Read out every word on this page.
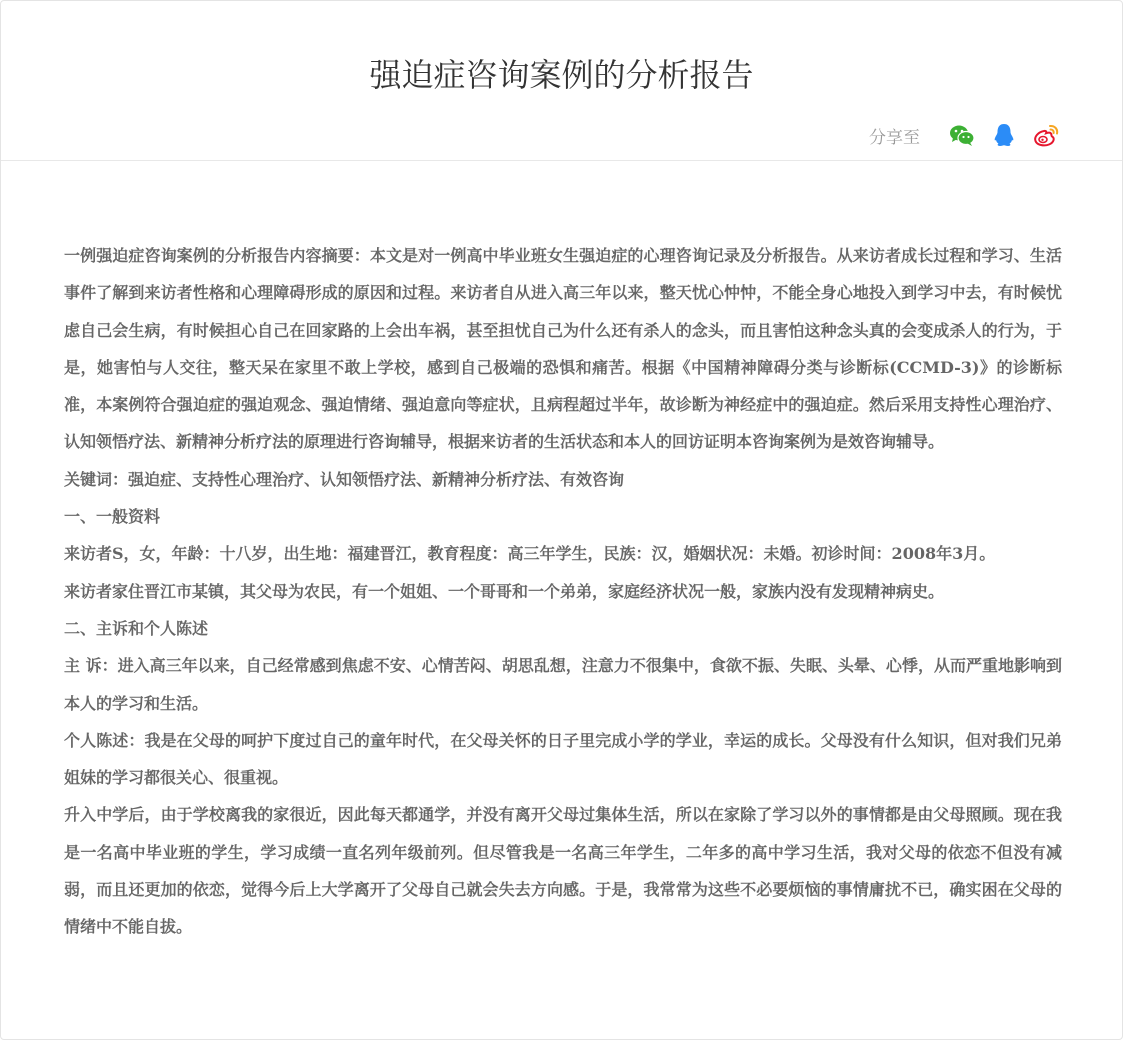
强迫症咨询案例的分析报告
分享至

一例强迫症咨询案例的分析报告内容摘要：本文是对一例高中毕业班女生强迫症的心理咨询记录及分析报告。从来访者成长过程和学习、生活事件了解到来访者性格和心理障碍形成的原因和过程。来访者自从进入高三年以来，整天忧心忡忡，不能全身心地投入到学习中去，有时候忧虑自己会生病，有时候担心自己在回家路的上会出车祸，甚至担忧自己为什么还有杀人的念头，而且害怕这种念头真的会变成杀人的行为，于是，她害怕与人交往，整天呆在家里不敢上学校，感到自己极端的恐惧和痛苦。根据《中国精神障碍分类与诊断标(CCMD-3)》的诊断标准，本案例符合强迫症的强迫观念、强迫情绪、强迫意向等症状，且病程超过半年，故诊断为神经症中的强迫症。然后采用支持性心理治疗、认知领悟疗法、新精神分析疗法的原理进行咨询辅导，根据来访者的生活状态和本人的回访证明本咨询案例为是效咨询辅导。

关键词：强迫症、支持性心理治疗、认知领悟疗法、新精神分析疗法、有效咨询

一、一般资料

来访者S，女，年龄：十八岁，出生地：福建晋江，教育程度：高三年学生，民族：汉，婚姻状况：未婚。初诊时间：2008年3月。

来访者家住晋江市某镇，其父母为农民，有一个姐姐、一个哥哥和一个弟弟，家庭经济状况一般，家族内没有发现精神病史。

二、主诉和个人陈述

主 诉：进入高三年以来，自己经常感到焦虑不安、心情苦闷、胡思乱想，注意力不很集中，食欲不振、失眠、头晕、心悸，从而严重地影响到本人的学习和生活。

个人陈述：我是在父母的呵护下度过自己的童年时代，在父母关怀的日子里完成小学的学业，幸运的成长。父母没有什么知识，但对我们兄弟姐妹的学习都很关心、很重视。

升入中学后，由于学校离我的家很近，因此每天都通学，并没有离开父母过集体生活，所以在家除了学习以外的事情都是由父母照顾。现在我是一名高中毕业班的学生，学习成绩一直名列年级前列。但尽管我是一名高三年学生，二年多的高中学习生活，我对父母的依恋不但没有减弱，而且还更加的依恋，觉得今后上大学离开了父母自己就会失去方向感。于是，我常常为这些不必要烦恼的事情庸扰不已，确实困在父母的情绪中不能自拔。
